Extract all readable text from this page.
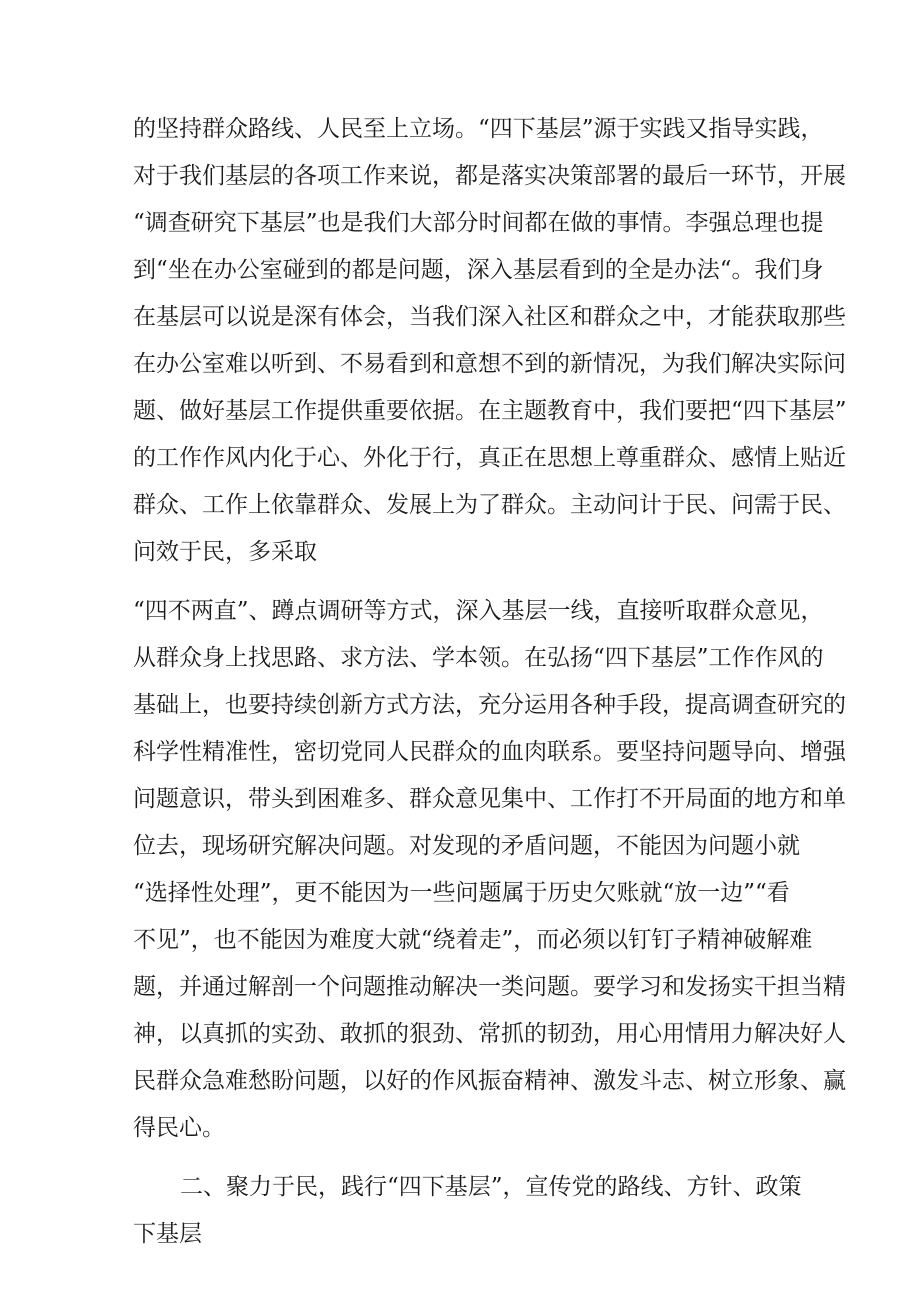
的坚持群众路线、人民至上立场。“四下基层”源于实践又指导实践，
对于我们基层的各项工作来说，都是落实决策部署的最后一环节，开展
“调查研究下基层”也是我们大部分时间都在做的事情。李强总理也提
到“坐在办公室碰到的都是问题，深入基层看到的全是办法“。我们身
在基层可以说是深有体会，当我们深入社区和群众之中，才能获取那些
在办公室难以听到、不易看到和意想不到的新情况，为我们解决实际问
题、做好基层工作提供重要依据。在主题教育中，我们要把“四下基层”
的工作作风内化于心、外化于行，真正在思想上尊重群众、感情上贴近
群众、工作上依靠群众、发展上为了群众。主动问计于民、问需于民、
问效于民，多采取
“四不两直”、蹲点调研等方式，深入基层一线，直接听取群众意见，
从群众身上找思路、求方法、学本领。在弘扬“四下基层”工作作风的
基础上，也要持续创新方式方法，充分运用各种手段，提高调查研究的
科学性精准性，密切党同人民群众的血肉联系。要坚持问题导向、增强
问题意识，带头到困难多、群众意见集中、工作打不开局面的地方和单
位去，现场研究解决问题。对发现的矛盾问题，不能因为问题小就
“选择性处理”，更不能因为一些问题属于历史欠账就“放一边”“看
不见”，也不能因为难度大就“绕着走”，而必须以钉钉子精神破解难
题，并通过解剖一个问题推动解决一类问题。要学习和发扬实干担当精
神，以真抓的实劲、敢抓的狠劲、常抓的韧劲，用心用情用力解决好人
民群众急难愁盼问题，以好的作风振奋精神、激发斗志、树立形象、赢
得民心。
二、聚力于民，践行“四下基层”，宣传党的路线、方针、政策
下基层
